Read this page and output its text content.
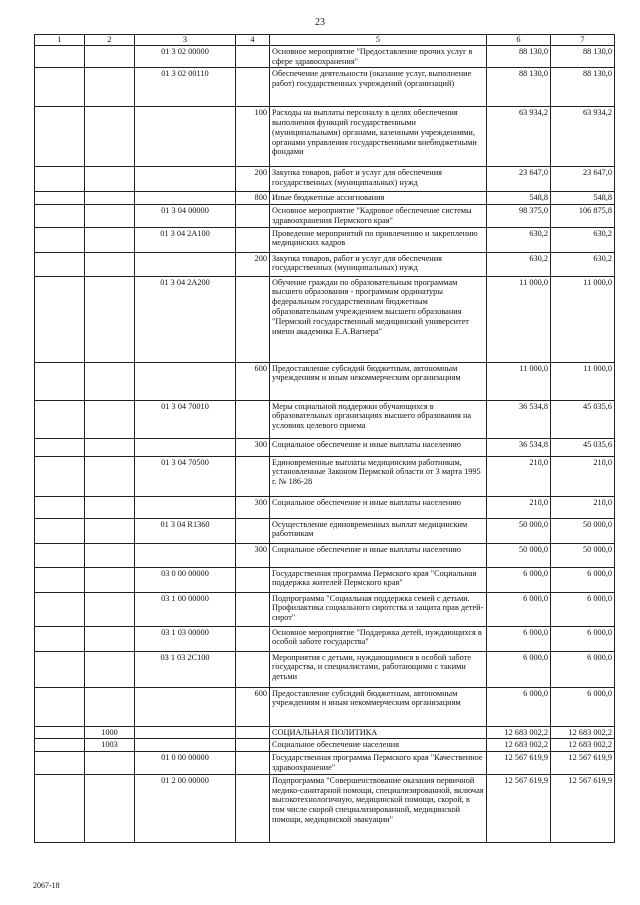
23
1	2	3	4	5	6	7
		01 3 02 00000		Основное мероприятие "Предоставление прочих услуг в сфере здравоохранения"	88 130,0	88 130,0
		01 3 02 00110		Обеспечение деятельности (оказание услуг, выполнение работ) государственных учреждений (организаций)	88 130,0	88 130,0
			100	Расходы на выплаты персоналу в целях обеспечения выполнения функций государственными (муниципальными) органами, казенными учреждениями, органами управления государственными внебюджетными фондами	63 934,2	63 934,2
			200	Закупка товаров, работ и услуг для обеспечения государственных (муниципальных) нужд	23 647,0	23 647,0
			800	Иные бюджетные ассигнования	548,8	548,8
		01 3 04 00000		Основное мероприятие "Кадровое обеспечение системы здравоохранения Пермского края"	98 375,0	106 875,8
		01 3 04 2А100		Проведение мероприятий по привлечению и закреплению медицинских кадров	630,2	630,2
			200	Закупка товаров, работ и услуг для обеспечения государственных (муниципальных) нужд	630,2	630,2
		01 3 04 2А200		Обучение граждан по образовательным программам высшего образования - программам ординатуры федеральным государственным бюджетным образовательным учреждением высшего образования "Пермский государственный медицинский университет имени академика Е.А.Вагнера"	11 000,0	11 000,0
			600	Предоставление субсидий бюджетным, автономным учреждениям и иным некоммерческим организациям	11 000,0	11 000,0
		01 3 04 70010		Меры социальной поддержки обучающихся в образовательных организациях высшего образования на условиях целевого приема	36 534,8	45 035,6
			300	Социальное обеспечение и иные выплаты населению	36 534,8	45 035,6
		01 3 04 70500		Единовременные выплаты медицинским работникам, установленные Законом Пермской области от 3 марта 1995 г. № 186-28	210,0	210,0
			300	Социальное обеспечение и иные выплаты населению	210,0	210,0
		01 3 04 R1360		Осуществление единовременных выплат медицинским работникам	50 000,0	50 000,0
			300	Социальное обеспечение и иные выплаты населению	50 000,0	50 000,0
		03 0 00 00000		Государственная программа Пермского края "Социальная поддержка жителей Пермского края"	6 000,0	6 000,0
		03 1 00 00000		Подпрограмма "Социальная поддержка семей с детьми. Профилактика социального сиротства и защита прав детей-сирот"	6 000,0	6 000,0
		03 1 03 00000		Основное мероприятие "Поддержка детей, нуждающихся в особой заботе государства"	6 000,0	6 000,0
		03 1 03 2С100		Мероприятия с детьми, нуждающимися в особой заботе государства, и специалистами, работающими с такими детьми	6 000,0	6 000,0
			600	Предоставление субсидий бюджетным, автономным учреждениям и иным некоммерческим организациям	6 000,0	6 000,0
	1000			СОЦИАЛЬНАЯ ПОЛИТИКА	12 683 002,2	12 683 002,2
	1003			Социальное обеспечение населения	12 683 002,2	12 683 002,2
		01 0 00 00000		Государственная программа Пермского края "Качественное здравоохранение"	12 567 619,9	12 567 619,9
		01 2 00 00000		Подпрограмма "Совершенствование оказания первичной медико-санитарной помощи, специализированной, включая высокотехнологичную, медицинской помощи, скорой, в том числе скорой специализированной, медицинской помощи, медицинской эвакуации"	12 567 619,9	12 567 619,9
2067-18
